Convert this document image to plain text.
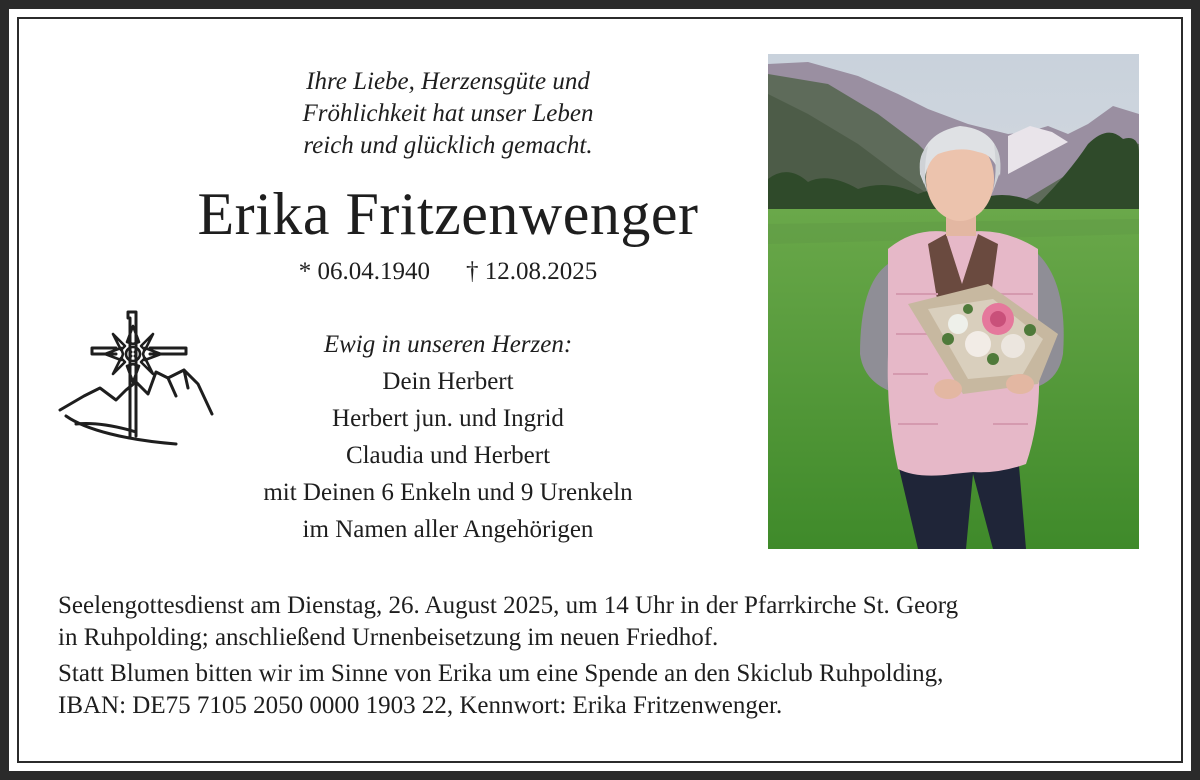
Ihre Liebe, Herzensgüte und
Fröhlichkeit hat unser Leben
reich und glücklich gemacht.
Erika Fritzenwenger
* 06.04.1940 † 12.08.2025
Ewig in unseren Herzen:
Dein Herbert
Herbert jun. und Ingrid
Claudia und Herbert
mit Deinen 6 Enkeln und 9 Urenkeln
im Namen aller Angehörigen

Seelengottesdienst am Dienstag, 26. August 2025, um 14 Uhr in der Pfarrkirche St. Georg
in Ruhpolding; anschließend Urnenbeisetzung im neuen Friedhof.

Statt Blumen bitten wir im Sinne von Erika um eine Spende an den Skiclub Ruhpolding,
IBAN: DE75 7105 2050 0000 1903 22, Kennwort: Erika Fritzenwenger.
